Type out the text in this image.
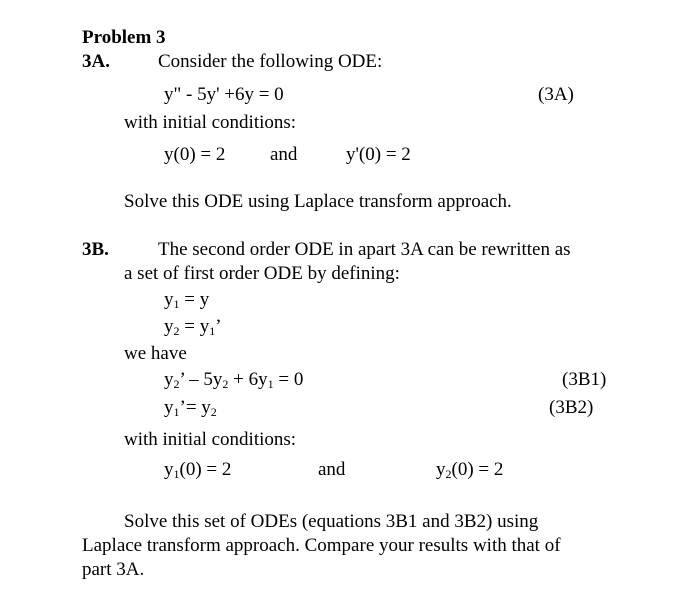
Problem 3
3A.	Consider the following ODE:
y" - 5y' +6y = 0	(3A)
with initial conditions:
y(0) = 2 and	y'(0) = 2
Solve this ODE using Laplace transform approach.
3B.	The second order ODE in apart 3A can be rewritten as
a set of first order ODE by defining:
$y_1 = y$
$y_2 = y_1$’
we have
$y_2$’ – $5y_2 + 6y_1 = 0$	(3B1)
$y_1’= y_2$	(3B2)
with initial conditions:
$y_1(0) = 2$	and	$y_2(0) = 2$
Solve this set of ODEs (equations 3B1 and 3B2) using
Laplace transform approach. Compare your results with that of
part 3A.
